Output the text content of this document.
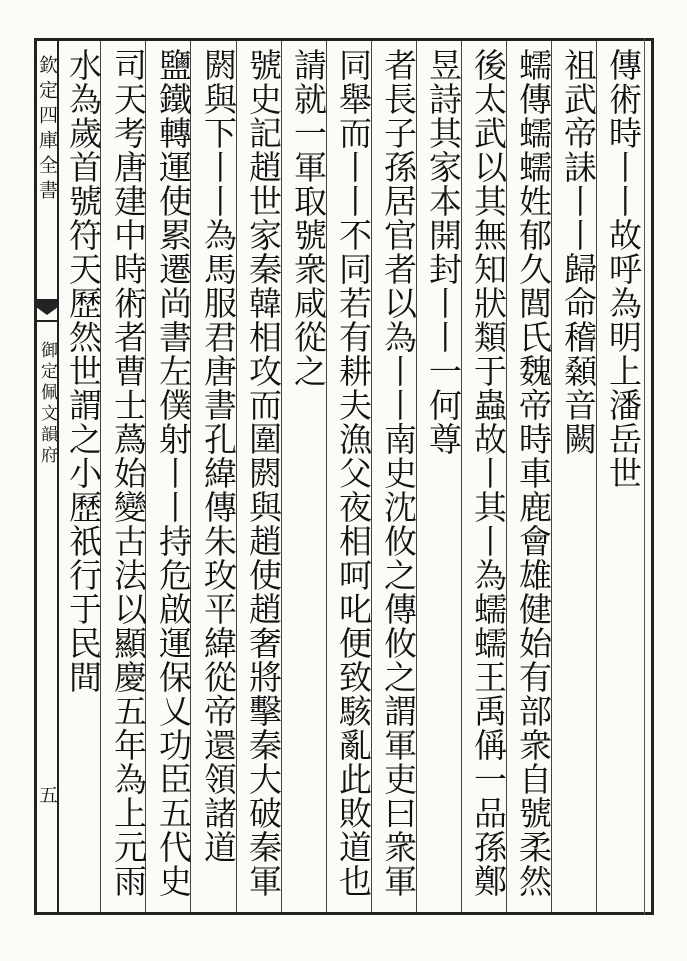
欽定四庫全書
御定佩文韻府
五
傳術時丨丨故呼為明上潘岳世
祖武帝誄丨丨歸命稽顙音闕
蠕傳蠕蠕姓郁久閭氏魏帝時車鹿會雄健始有部衆自號柔然
後太武以其無知狀類于蟲故丨其丨為蠕蠕王禹偁一品孫鄭
昱詩其家本開封丨丨一何尊
者長子孫居官者以為丨丨南史沈攸之傳攸之謂軍吏曰衆軍
同舉而丨丨不同若有耕夫漁父夜相呵叱便致駭亂此敗道也
請就一軍取號衆咸從之
號史記趙世家秦韓相攻而圍閼與趙使趙奢將擊秦大破秦軍
閼與下丨丨為馬服君唐書孔緯傳朱玫平緯從帝還領諸道
鹽鐵轉運使累遷尚書左僕射丨丨持危啟運保乂功臣五代史
司天考唐建中時術者曹士蔿始變古法以顯慶五年為上元雨
水為歲首號符天歷然世謂之小歷祇行于民間
